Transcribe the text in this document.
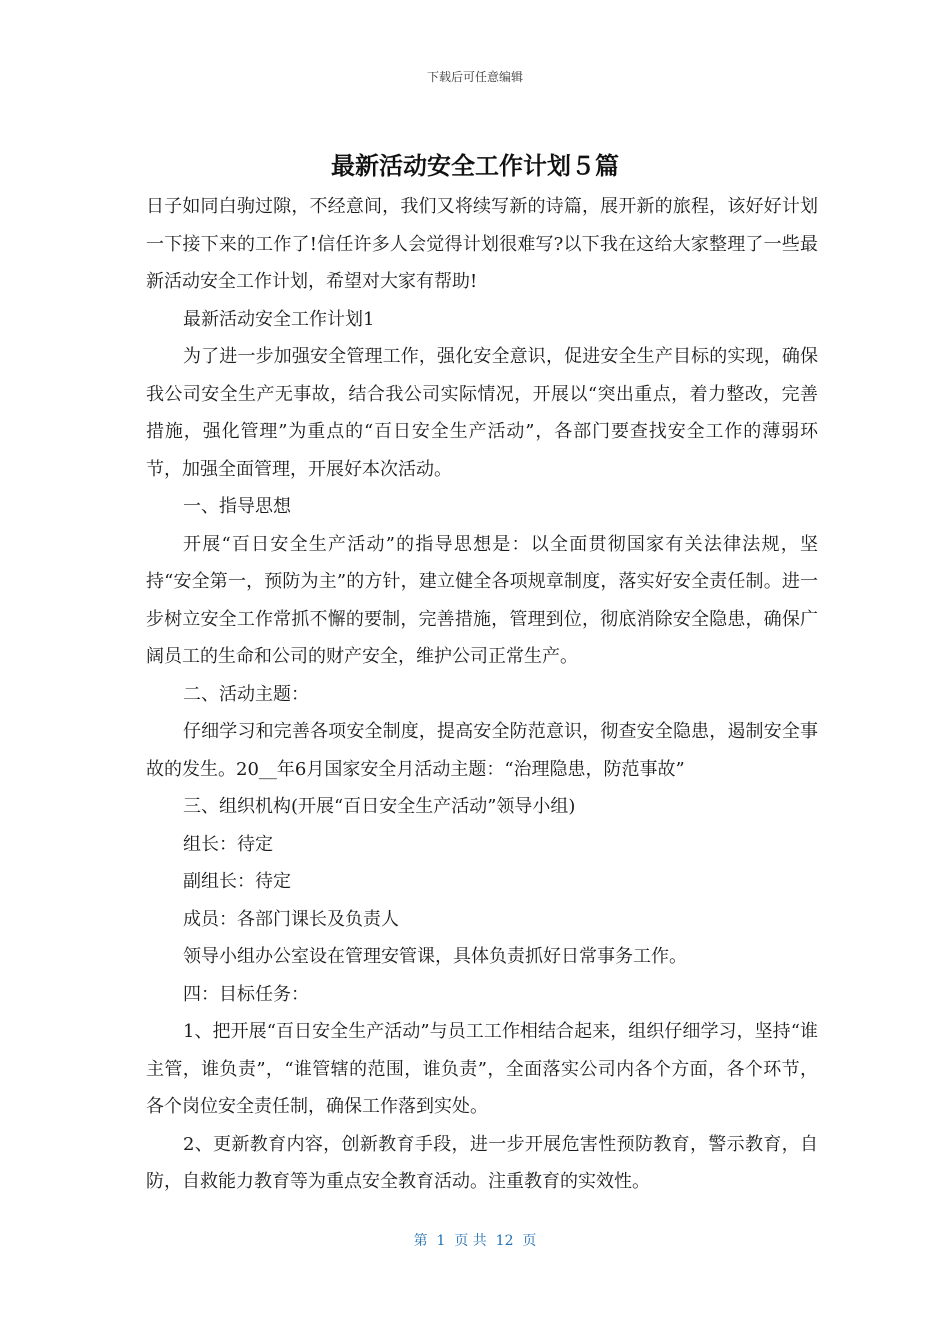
下载后可任意编辑
最新活动安全工作计划５篇

日子如同白驹过隙，不经意间，我们又将续写新的诗篇，展开新的旅程，该好好计划一下接下来的工作了!信任许多人会觉得计划很难写?以下我在这给大家整理了一些最新活动安全工作计划，希望对大家有帮助!

最新活动安全工作计划1

为了进一步加强安全管理工作，强化安全意识，促进安全生产目标的实现，确保我公司安全生产无事故，结合我公司实际情况，开展以“突出重点，着力整改，完善措施，强化管理”为重点的“百日安全生产活动”，各部门要查找安全工作的薄弱环节，加强全面管理，开展好本次活动。

一、指导思想

开展“百日安全生产活动”的指导思想是：以全面贯彻国家有关法律法规，坚持“安全第一，预防为主”的方针，建立健全各项规章制度，落实好安全责任制。进一步树立安全工作常抓不懈的要制，完善措施，管理到位，彻底消除安全隐患，确保广阔员工的生命和公司的财产安全，维护公司正常生产。

二、活动主题：

仔细学习和完善各项安全制度，提高安全防范意识，彻查安全隐患，遏制安全事故的发生。20__年6月国家安全月活动主题：“治理隐患，防范事故”

三、组织机构(开展“百日安全生产活动”领导小组)

组长：待定

副组长：待定

成员：各部门课长及负责人

领导小组办公室设在管理安管课，具体负责抓好日常事务工作。

四：目标任务：

1、把开展“百日安全生产活动”与员工工作相结合起来，组织仔细学习，坚持“谁主管，谁负责”，“谁管辖的范围，谁负责”，全面落实公司内各个方面，各个环节，各个岗位安全责任制，确保工作落到实处。

2、更新教育内容，创新教育手段，进一步开展危害性预防教育，警示教育，自防，自救能力教育等为重点安全教育活动。注重教育的实效性。

第  1  页 共  12  页
